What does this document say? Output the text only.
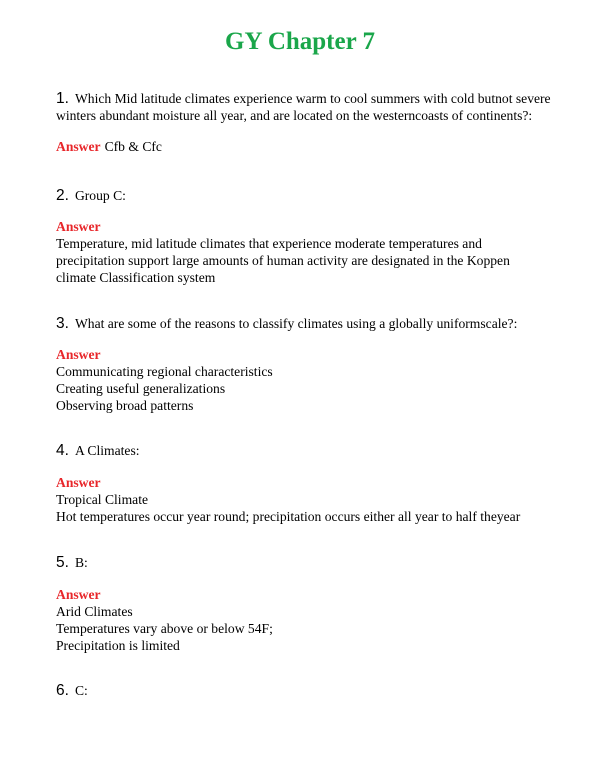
GY Chapter 7
1. Which Mid latitude climates experience warm to cool summers with cold butnot severe
winters abundant moisture all year, and are located on the westerncoasts of continents?:
Answer Cfb & Cfc
2. Group C:
Answer
Temperature, mid latitude climates that experience moderate temperatures and
precipitation support large amounts of human activity are designated in the Koppen
climate Classification system
3. What are some of the reasons to classify climates using a globally uniformscale?:
Answer
Communicating regional characteristics
Creating useful generalizations
Observing broad patterns
4. A Climates:
Answer
Tropical Climate
Hot temperatures occur year round; precipitation occurs either all year to half theyear
5. B:
Answer
Arid Climates
Temperatures vary above or below 54F;
Precipitation is limited
6. C:
